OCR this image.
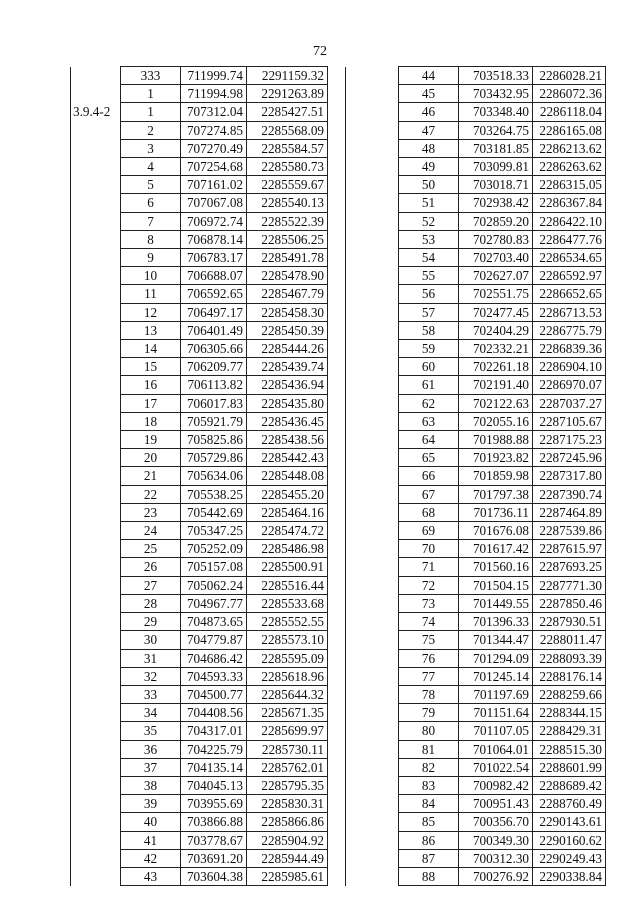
72
	333	711999.74	2291159.32
	1	711994.98	2291263.89
3.9.4-2	1	707312.04	2285427.51
	2	707274.85	2285568.09
	3	707270.49	2285584.57
	4	707254.68	2285580.73
	5	707161.02	2285559.67
	6	707067.08	2285540.13
	7	706972.74	2285522.39
	8	706878.14	2285506.25
	9	706783.17	2285491.78
	10	706688.07	2285478.90
	11	706592.65	2285467.79
	12	706497.17	2285458.30
	13	706401.49	2285450.39
	14	706305.66	2285444.26
	15	706209.77	2285439.74
	16	706113.82	2285436.94
	17	706017.83	2285435.80
	18	705921.79	2285436.45
	19	705825.86	2285438.56
	20	705729.86	2285442.43
	21	705634.06	2285448.08
	22	705538.25	2285455.20
	23	705442.69	2285464.16
	24	705347.25	2285474.72
	25	705252.09	2285486.98
	26	705157.08	2285500.91
	27	705062.24	2285516.44
	28	704967.77	2285533.68
	29	704873.65	2285552.55
	30	704779.87	2285573.10
	31	704686.42	2285595.09
	32	704593.33	2285618.96
	33	704500.77	2285644.32
	34	704408.56	2285671.35
	35	704317.01	2285699.97
	36	704225.79	2285730.11
	37	704135.14	2285762.01
	38	704045.13	2285795.35
	39	703955.69	2285830.31
	40	703866.88	2285866.86
	41	703778.67	2285904.92
	42	703691.20	2285944.49
	43	703604.38	2285985.61
	44	703518.33	2286028.21
	45	703432.95	2286072.36
	46	703348.40	2286118.04
	47	703264.75	2286165.08
	48	703181.85	2286213.62
	49	703099.81	2286263.62
	50	703018.71	2286315.05
	51	702938.42	2286367.84
	52	702859.20	2286422.10
	53	702780.83	2286477.76
	54	702703.40	2286534.65
	55	702627.07	2286592.97
	56	702551.75	2286652.65
	57	702477.45	2286713.53
	58	702404.29	2286775.79
	59	702332.21	2286839.36
	60	702261.18	2286904.10
	61	702191.40	2286970.07
	62	702122.63	2287037.27
	63	702055.16	2287105.67
	64	701988.88	2287175.23
	65	701923.82	2287245.96
	66	701859.98	2287317.80
	67	701797.38	2287390.74
	68	701736.11	2287464.89
	69	701676.08	2287539.86
	70	701617.42	2287615.97
	71	701560.16	2287693.25
	72	701504.15	2287771.30
	73	701449.55	2287850.46
	74	701396.33	2287930.51
	75	701344.47	2288011.47
	76	701294.09	2288093.39
	77	701245.14	2288176.14
	78	701197.69	2288259.66
	79	701151.64	2288344.15
	80	701107.05	2288429.31
	81	701064.01	2288515.30
	82	701022.54	2288601.99
	83	700982.42	2288689.42
	84	700951.43	2288760.49
	85	700356.70	2290143.61
	86	700349.30	2290160.62
	87	700312.30	2290249.43
	88	700276.92	2290338.84
